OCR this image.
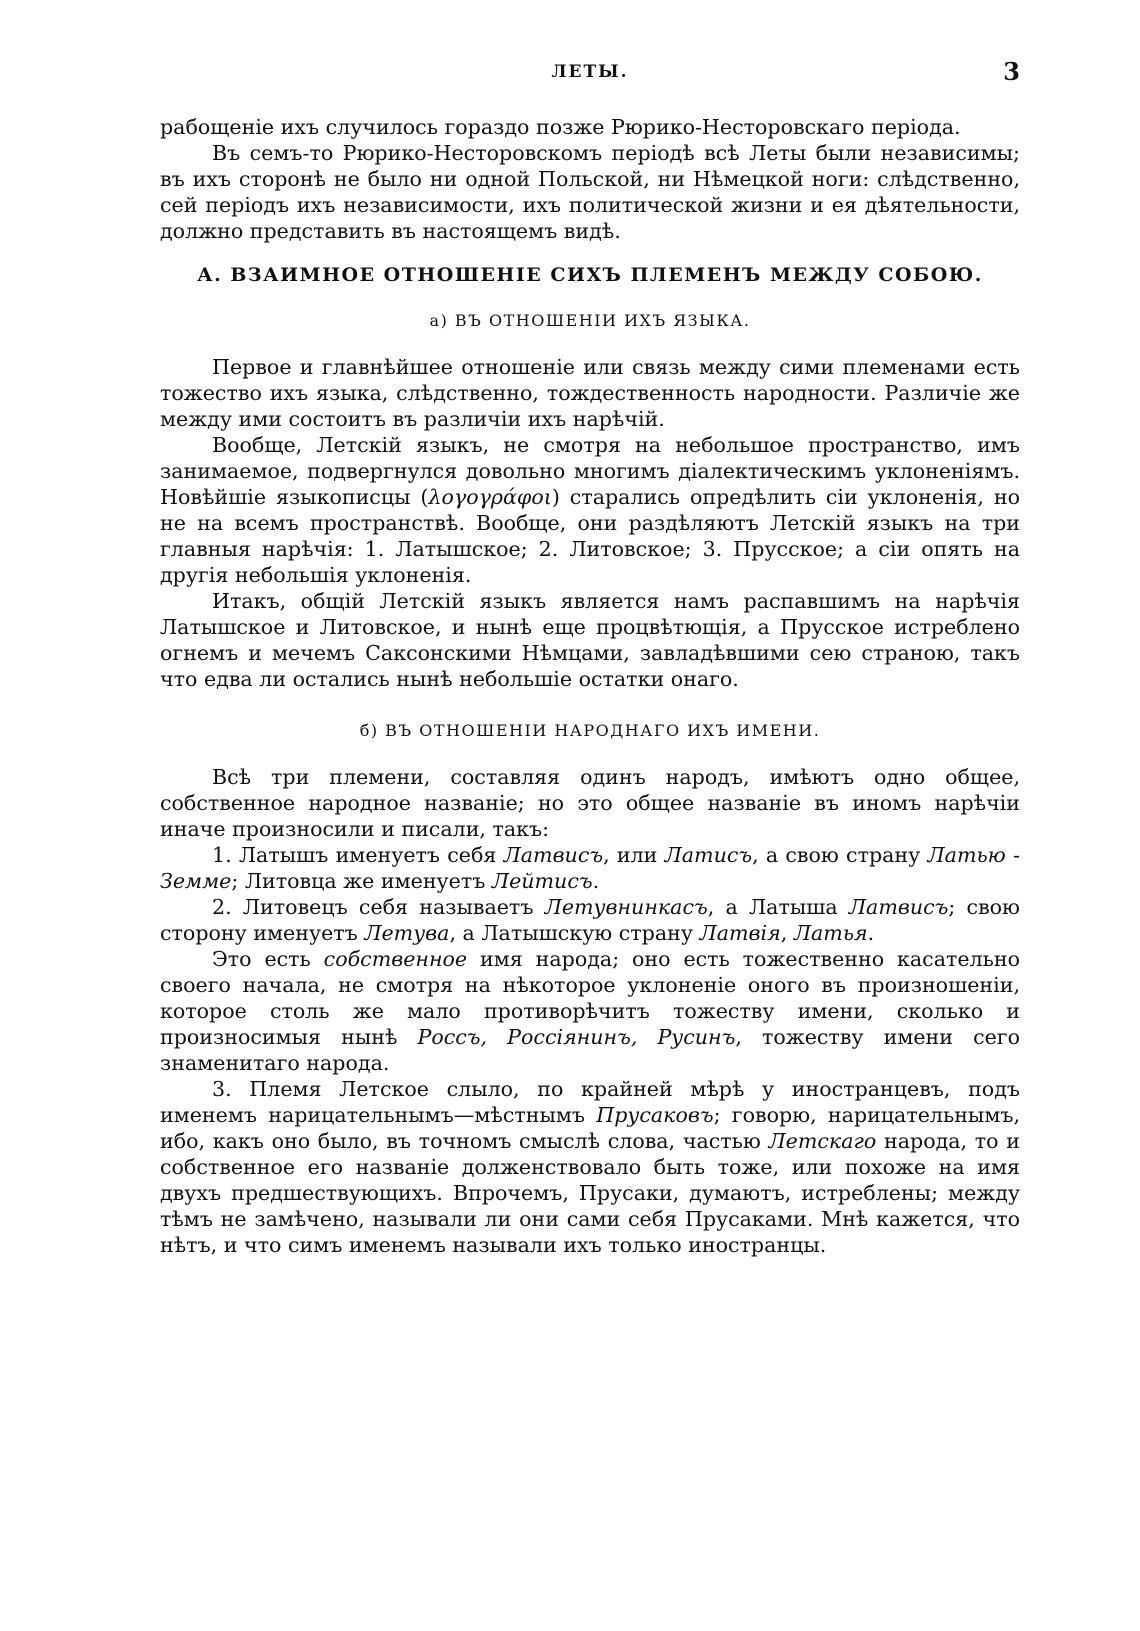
ЛЕТЫ.	3

рабощеніе ихъ случилось гораздо позже Рюрико-Несторовскаго періода.

Въ семъ-то Рюрико-Несторовскомъ періодѣ всѣ Леты были независимы; въ ихъ сторонѣ не было ни одной Польской, ни Нѣмецкой ноги: слѣдственно, сей періодъ ихъ независимости, ихъ политической жизни и ея дѣятельности, должно представить въ настоящемъ видѣ.

А. ВЗАИМНОЕ ОТНОШЕНІЕ СИХЪ ПЛЕМЕНЪ МЕЖДУ СОБОЮ.
а) ВЪ ОТНОШЕНІИ ИХЪ ЯЗЫКА.

Первое и главнѣйшее отношеніе или связь между сими племенами есть тожество ихъ языка, слѣдственно, тождественность народности. Различіе же между ими состоитъ въ различіи ихъ нарѣчій.

Вообще, Летскій языкъ, не смотря на небольшое пространство, имъ занимаемое, подвергнулся довольно многимъ діалектическимъ уклоненіямъ. Новѣйшіе языкописцы (λογογράφοι) старались опредѣлить сіи уклоненія, но не на всемъ пространствѣ. Вообще, они раздѣляютъ Летскій языкъ на три главныя нарѣчія: 1. Латышское; 2. Литовское; 3. Прусское; а сіи опять на другія небольшія уклоненія.

Итакъ, общій Летскій языкъ является намъ распавшимъ на нарѣчія Латышское и Литовское, и нынѣ еще процвѣтющія, а Прусское истреблено огнемъ и мечемъ Саксонскими Нѣмцами, завладѣвшими сею страною, такъ что едва ли остались нынѣ небольшіе остатки онаго.

б) ВЪ ОТНОШЕНІИ НАРОДНАГО ИХЪ ИМЕНИ.

Всѣ три племени, составляя одинъ народъ, имѣютъ одно общее, собственное народное названіе; но это общее названіе въ иномъ нарѣчіи иначе произносили и писали, такъ:

1. Латышъ именуетъ себя Латвисъ, или Латисъ, а свою страну Латью - Земме; Литовца же именуетъ Лейтисъ.

2. Литовецъ себя называетъ Летувнинкасъ, а Латыша Латвисъ; свою сторону именуетъ Летува, а Латышскую страну Латвія, Латья.

Это есть собственное имя народа; оно есть тожественно касательно своего начала, не смотря на нѣкоторое уклоненіе оного въ произношеніи, которое столь же мало противорѣчитъ тожеству имени, сколько и произносимыя нынѣ Россъ, Россіянинъ, Русинъ, тожеству имени сего знаменитаго народа.

3. Племя Летское слыло, по крайней мѣрѣ у иностранцевъ, подъ именемъ нарицательнымъ—мѣстнымъ Прусаковъ; говорю, нарицательнымъ, ибо, какъ оно было, въ точномъ смыслѣ слова, частью Летскаго народа, то и собственное его названіе долженствовало быть тоже, или похоже на имя двухъ предшествующихъ. Впрочемъ, Прусаки, думаютъ, истреблены; между тѣмъ не замѣчено, называли ли они сами себя Прусаками. Мнѣ кажется, что нѣтъ, и что симъ именемъ называли ихъ только иностранцы.
